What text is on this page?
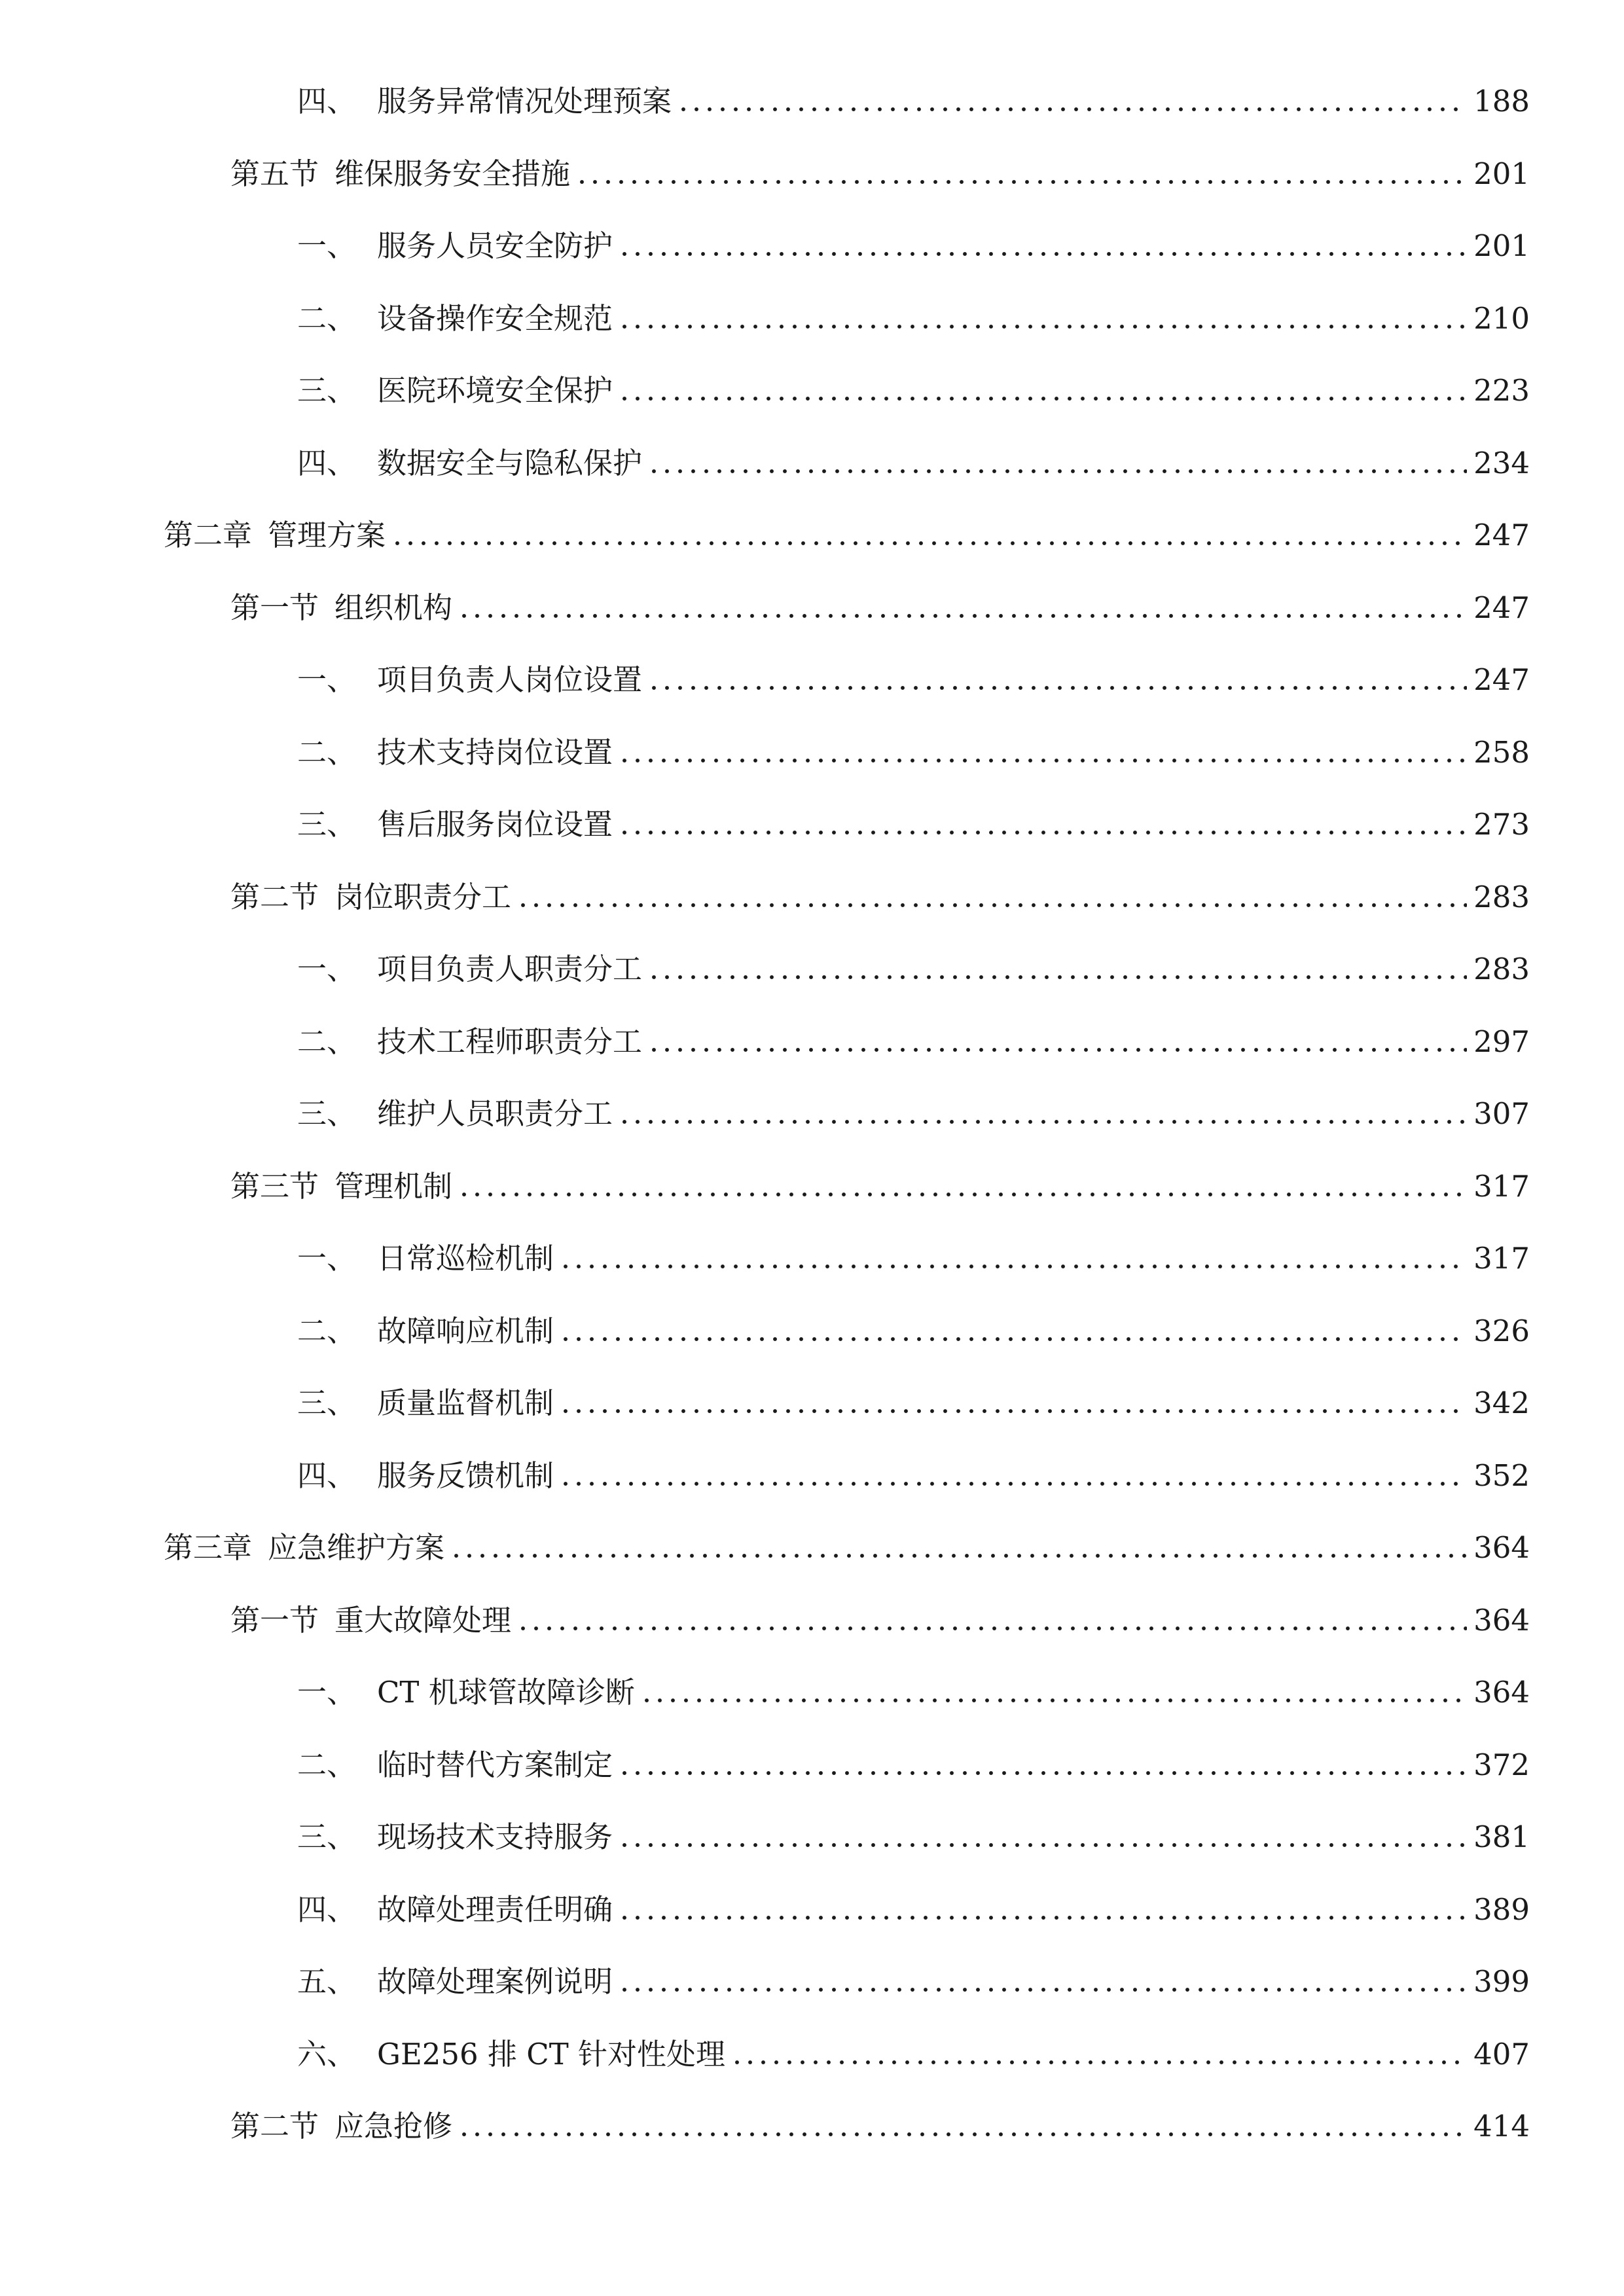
四、 服务异常情况处理预案	188
第五节 维保服务安全措施	201
一、 服务人员安全防护	201
二、 设备操作安全规范	210
三、 医院环境安全保护	223
四、 数据安全与隐私保护	234
第二章 管理方案	247
第一节 组织机构	247
一、 项目负责人岗位设置	247
二、 技术支持岗位设置	258
三、 售后服务岗位设置	273
第二节 岗位职责分工	283
一、 项目负责人职责分工	283
二、 技术工程师职责分工	297
三、 维护人员职责分工	307
第三节 管理机制	317
一、 日常巡检机制	317
二、 故障响应机制	326
三、 质量监督机制	342
四、 服务反馈机制	352
第三章 应急维护方案	364
第一节 重大故障处理	364
一、 CT 机球管故障诊断	364
二、 临时替代方案制定	372
三、 现场技术支持服务	381
四、 故障处理责任明确	389
五、 故障处理案例说明	399
六、 GE256 排 CT 针对性处理	407
第二节 应急抢修	414
